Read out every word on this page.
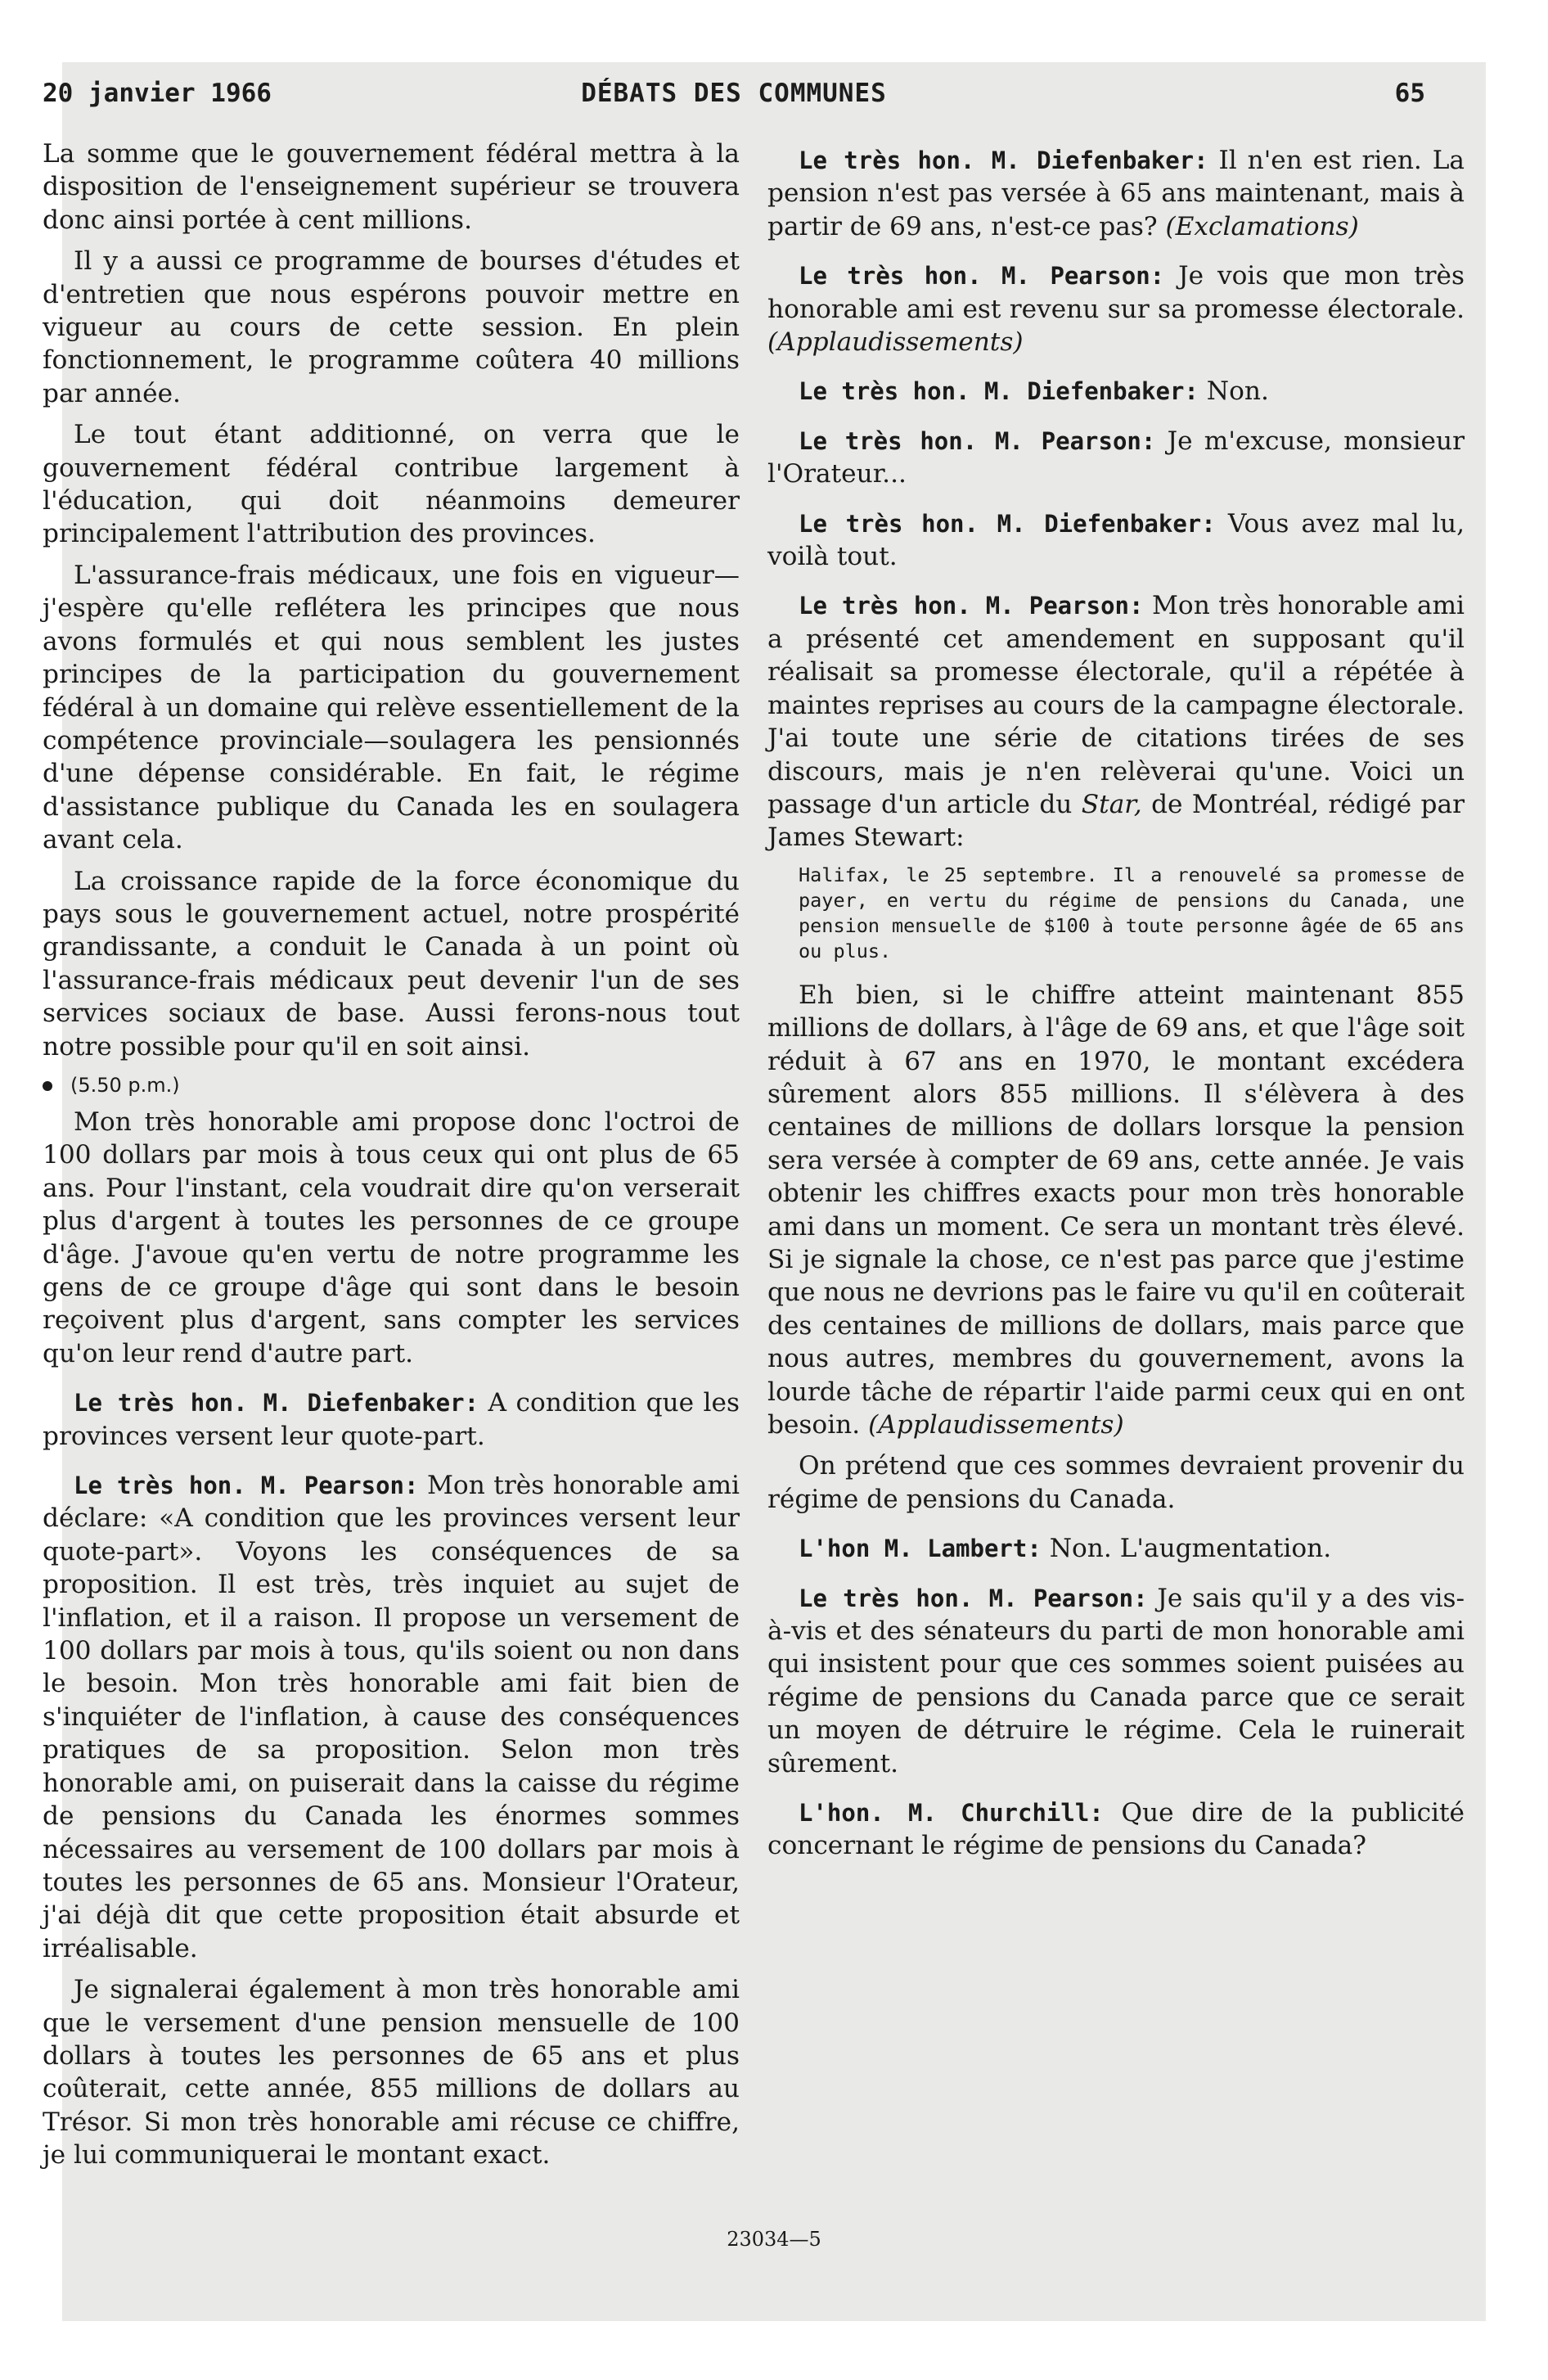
DÉBATS DES COMMUNES
20 janvier 1966	65

La somme que le gouvernement fédéral mettra à la disposition de l'enseignement supérieur se trouvera donc ainsi portée à cent millions.

Il y a aussi ce programme de bourses d'études et d'entretien que nous espérons pouvoir mettre en vigueur au cours de cette session. En plein fonctionnement, le programme coûtera 40 millions par année.

Le tout étant additionné, on verra que le gouvernement fédéral contribue largement à l'éducation, qui doit néanmoins demeurer principalement l'attribution des provinces.

L'assurance-frais médicaux, une fois en vigueur—j'espère qu'elle reflétera les principes que nous avons formulés et qui nous semblent les justes principes de la participation du gouvernement fédéral à un domaine qui relève essentiellement de la compétence provinciale—soulagera les pensionnés d'une dépense considérable. En fait, le régime d'assistance publique du Canada les en soulagera avant cela.

La croissance rapide de la force économique du pays sous le gouvernement actuel, notre prospérité grandissante, a conduit le Canada à un point où l'assurance-frais médicaux peut devenir l'un de ses services sociaux de base. Aussi ferons-nous tout notre possible pour qu'il en soit ainsi.

(5.50 p.m.)

Mon très honorable ami propose donc l'octroi de 100 dollars par mois à tous ceux qui ont plus de 65 ans. Pour l'instant, cela voudrait dire qu'on verserait plus d'argent à toutes les personnes de ce groupe d'âge. J'avoue qu'en vertu de notre programme les gens de ce groupe d'âge qui sont dans le besoin reçoivent plus d'argent, sans compter les services qu'on leur rend d'autre part.

Le très hon. M. Diefenbaker: A condition que les provinces versent leur quote-part.

Le très hon. M. Pearson: Mon très honorable ami déclare: «A condition que les provinces versent leur quote-part». Voyons les conséquences de sa proposition. Il est très, très inquiet au sujet de l'inflation, et il a raison. Il propose un versement de 100 dollars par mois à tous, qu'ils soient ou non dans le besoin. Mon très honorable ami fait bien de s'inquiéter de l'inflation, à cause des conséquences pratiques de sa proposition. Selon mon très honorable ami, on puiserait dans la caisse du régime de pensions du Canada les énormes sommes nécessaires au versement de 100 dollars par mois à toutes les personnes de 65 ans. Monsieur l'Orateur, j'ai déjà dit que cette proposition était absurde et irréalisable.

Je signalerai également à mon très honorable ami que le versement d'une pension mensuelle de 100 dollars à toutes les personnes de 65 ans et plus coûterait, cette année, 855 millions de dollars au Trésor. Si mon très honorable ami récuse ce chiffre, je lui communiquerai le montant exact.

Le très hon. M. Diefenbaker: Il n'en est rien. La pension n'est pas versée à 65 ans maintenant, mais à partir de 69 ans, n'est-ce pas? (Exclamations)

Le très hon. M. Pearson: Je vois que mon très honorable ami est revenu sur sa promesse électorale. (Applaudissements)

Le très hon. M. Diefenbaker: Non.

Le très hon. M. Pearson: Je m'excuse, monsieur l'Orateur...

Le très hon. M. Diefenbaker: Vous avez mal lu, voilà tout.

Le très hon. M. Pearson: Mon très honorable ami a présenté cet amendement en supposant qu'il réalisait sa promesse électorale, qu'il a répétée à maintes reprises au cours de la campagne électorale. J'ai toute une série de citations tirées de ses discours, mais je n'en relèverai qu'une. Voici un passage d'un article du Star, de Montréal, rédigé par James Stewart:

Halifax, le 25 septembre. Il a renouvelé sa promesse de payer, en vertu du régime de pensions du Canada, une pension mensuelle de $100 à toute personne âgée de 65 ans ou plus.

Eh bien, si le chiffre atteint maintenant 855 millions de dollars, à l'âge de 69 ans, et que l'âge soit réduit à 67 ans en 1970, le montant excédera sûrement alors 855 millions. Il s'élèvera à des centaines de millions de dollars lorsque la pension sera versée à compter de 69 ans, cette année. Je vais obtenir les chiffres exacts pour mon très honorable ami dans un moment. Ce sera un montant très élevé. Si je signale la chose, ce n'est pas parce que j'estime que nous ne devrions pas le faire vu qu'il en coûterait des centaines de millions de dollars, mais parce que nous autres, membres du gouvernement, avons la lourde tâche de répartir l'aide parmi ceux qui en ont besoin. (Applaudissements)

On prétend que ces sommes devraient provenir du régime de pensions du Canada.

L'hon M. Lambert: Non. L'augmentation.

Le très hon. M. Pearson: Je sais qu'il y a des vis-à-vis et des sénateurs du parti de mon honorable ami qui insistent pour que ces sommes soient puisées au régime de pensions du Canada parce que ce serait un moyen de détruire le régime. Cela le ruinerait sûrement.

L'hon. M. Churchill: Que dire de la publicité concernant le régime de pensions du Canada?

23034—5
